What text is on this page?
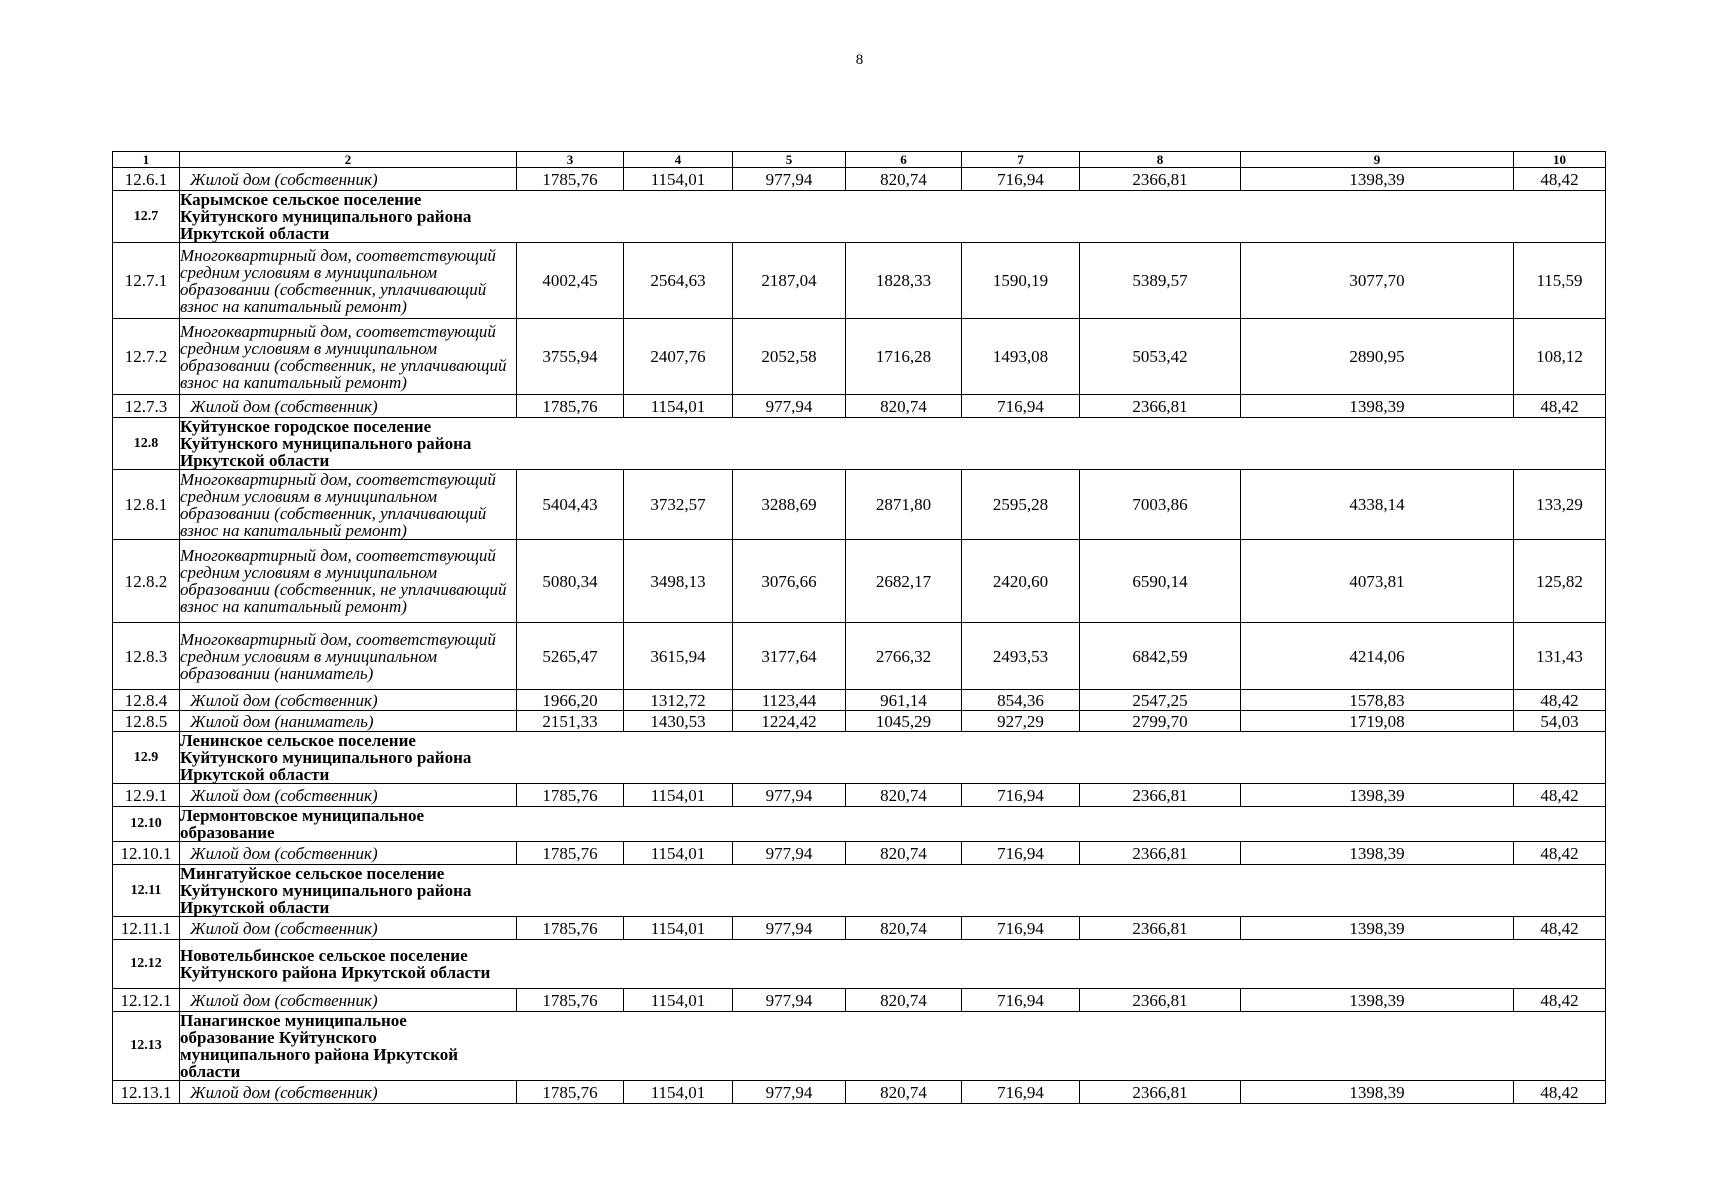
8
1	2	3	4	5	6	7	8	9	10
12.6.1	Жилой дом (собственник)	1785,76	1154,01	977,94	820,74	716,94	2366,81	1398,39	48,42
12.7	Карымское сельское поселение Куйтунского муниципального района Иркутской области								

12.7.1	Многоквартирный дом, соответствующий средним условиям в муниципальном образовании (собственник, уплачивающий взнос на капитальный ремонт)	4002,45	2564,63	2187,04	1828,33	1590,19	5389,57	3077,70	115,59
12.7.2	Многоквартирный дом, соответствующий средним условиям в муниципальном образовании (собственник, не уплачивающий взнос на капитальный ремонт)	3755,94	2407,76	2052,58	1716,28	1493,08	5053,42	2890,95	108,12
12.7.3	Жилой дом (собственник)	1785,76	1154,01	977,94	820,74	716,94	2366,81	1398,39	48,42
12.8	Куйтунское городское поселение Куйтунского муниципального района Иркутской области								

12.8.1	Многоквартирный дом, соответствующий средним условиям в муниципальном образовании (собственник, уплачивающий взнос на капитальный ремонт)	5404,43	3732,57	3288,69	2871,80	2595,28	7003,86	4338,14	133,29
12.8.2	Многоквартирный дом, соответствующий средним условиям в муниципальном образовании (собственник, не уплачивающий взнос на капитальный ремонт)	5080,34	3498,13	3076,66	2682,17	2420,60	6590,14	4073,81	125,82
12.8.3	Многоквартирный дом, соответствующий средним условиям в муниципальном образовании (наниматель)	5265,47	3615,94	3177,64	2766,32	2493,53	6842,59	4214,06	131,43
12.8.4	Жилой дом (собственник)	1966,20	1312,72	1123,44	961,14	854,36	2547,25	1578,83	48,42
12.8.5	Жилой дом (наниматель)	2151,33	1430,53	1224,42	1045,29	927,29	2799,70	1719,08	54,03
12.9	Ленинское сельское поселение Куйтунского муниципального района Иркутской области								

12.9.1	Жилой дом (собственник)	1785,76	1154,01	977,94	820,74	716,94	2366,81	1398,39	48,42
12.10	Лермонтовское муниципальное образование								

12.10.1	Жилой дом (собственник)	1785,76	1154,01	977,94	820,74	716,94	2366,81	1398,39	48,42
12.11	Мингатуйское сельское поселение Куйтунского муниципального района Иркутской области								

12.11.1	Жилой дом (собственник)	1785,76	1154,01	977,94	820,74	716,94	2366,81	1398,39	48,42
12.12	Новотельбинское сельское поселение Куйтунского района Иркутской области								

12.12.1	Жилой дом (собственник)	1785,76	1154,01	977,94	820,74	716,94	2366,81	1398,39	48,42
12.13	Панагинское муниципальное образование Куйтунского муниципального района Иркутской области								

12.13.1	Жилой дом (собственник)	1785,76	1154,01	977,94	820,74	716,94	2366,81	1398,39	48,42
